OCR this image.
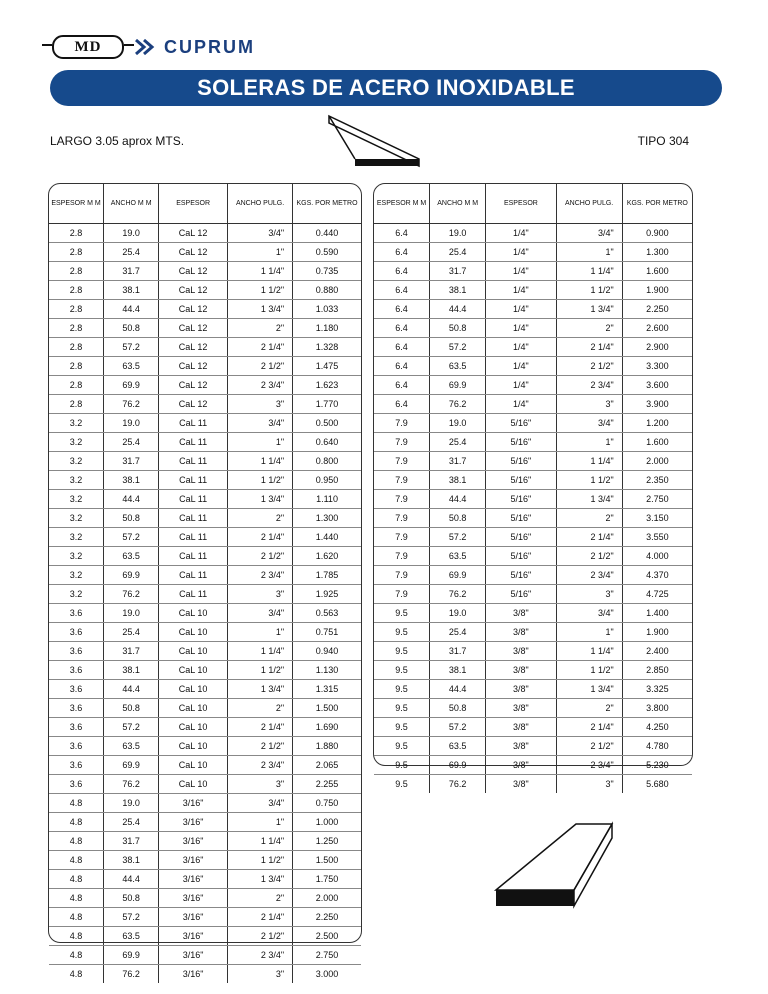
MD	CUPRUM
SOLERAS DE ACERO INOXIDABLE
LARGO 3.05 aprox MTS.	TIPO 304
ESPESOR M M	ANCHO M M	ESPESOR	ANCHO PULG.	KGS. POR METRO
2.8	19.0	CaL 12	3/4"	0.440
2.8	25.4	CaL 12	1"	0.590
2.8	31.7	CaL 12	1 1/4"	0.735
2.8	38.1	CaL 12	1 1/2"	0.880
2.8	44.4	CaL 12	1 3/4"	1.033
2.8	50.8	CaL 12	2"	1.180
2.8	57.2	CaL 12	2 1/4"	1.328
2.8	63.5	CaL 12	2 1/2"	1.475
2.8	69.9	CaL 12	2 3/4"	1.623
2.8	76.2	CaL 12	3"	1.770
3.2	19.0	CaL 11	3/4"	0.500
3.2	25.4	CaL 11	1"	0.640
3.2	31.7	CaL 11	1 1/4"	0.800
3.2	38.1	CaL 11	1 1/2"	0.950
3.2	44.4	CaL 11	1 3/4"	1.110
3.2	50.8	CaL 11	2"	1.300
3.2	57.2	CaL 11	2 1/4"	1.440
3.2	63.5	CaL 11	2 1/2"	1.620
3.2	69.9	CaL 11	2 3/4"	1.785
3.2	76.2	CaL 11	3"	1.925
3.6	19.0	CaL 10	3/4"	0.563
3.6	25.4	CaL 10	1"	0.751
3.6	31.7	CaL 10	1 1/4"	0.940
3.6	38.1	CaL 10	1 1/2"	1.130
3.6	44.4	CaL 10	1 3/4"	1.315
3.6	50.8	CaL 10	2"	1.500
3.6	57.2	CaL 10	2 1/4"	1.690
3.6	63.5	CaL 10	2 1/2"	1.880
3.6	69.9	CaL 10	2 3/4"	2.065
3.6	76.2	CaL 10	3"	2.255
4.8	19.0	3/16"	3/4"	0.750
4.8	25.4	3/16"	1"	1.000
4.8	31.7	3/16"	1 1/4"	1.250
4.8	38.1	3/16"	1 1/2"	1.500
4.8	44.4	3/16"	1 3/4"	1.750
4.8	50.8	3/16"	2"	2.000
4.8	57.2	3/16"	2 1/4"	2.250
4.8	63.5	3/16"	2 1/2"	2.500
4.8	69.9	3/16"	2 3/4"	2.750
4.8	76.2	3/16"	3"	3.000
ESPESOR M M	ANCHO M M	ESPESOR	ANCHO PULG.	KGS. POR METRO
6.4	19.0	1/4"	3/4"	0.900
6.4	25.4	1/4"	1"	1.300
6.4	31.7	1/4"	1 1/4"	1.600
6.4	38.1	1/4"	1 1/2"	1.900
6.4	44.4	1/4"	1 3/4"	2.250
6.4	50.8	1/4"	2"	2.600
6.4	57.2	1/4"	2 1/4"	2.900
6.4	63.5	1/4"	2 1/2"	3.300
6.4	69.9	1/4"	2 3/4"	3.600
6.4	76.2	1/4"	3"	3.900
7.9	19.0	5/16"	3/4"	1.200
7.9	25.4	5/16"	1"	1.600
7.9	31.7	5/16"	1 1/4"	2.000
7.9	38.1	5/16"	1 1/2"	2.350
7.9	44.4	5/16"	1 3/4"	2.750
7.9	50.8	5/16"	2"	3.150
7.9	57.2	5/16"	2 1/4"	3.550
7.9	63.5	5/16"	2 1/2"	4.000
7.9	69.9	5/16"	2 3/4"	4.370
7.9	76.2	5/16"	3"	4.725
9.5	19.0	3/8"	3/4"	1.400
9.5	25.4	3/8"	1"	1.900
9.5	31.7	3/8"	1 1/4"	2.400
9.5	38.1	3/8"	1 1/2"	2.850
9.5	44.4	3/8"	1 3/4"	3.325
9.5	50.8	3/8"	2"	3.800
9.5	57.2	3/8"	2 1/4"	4.250
9.5	63.5	3/8"	2 1/2"	4.780
9.5	69.9	3/8"	2 3/4"	5.230
9.5	76.2	3/8"	3"	5.680
